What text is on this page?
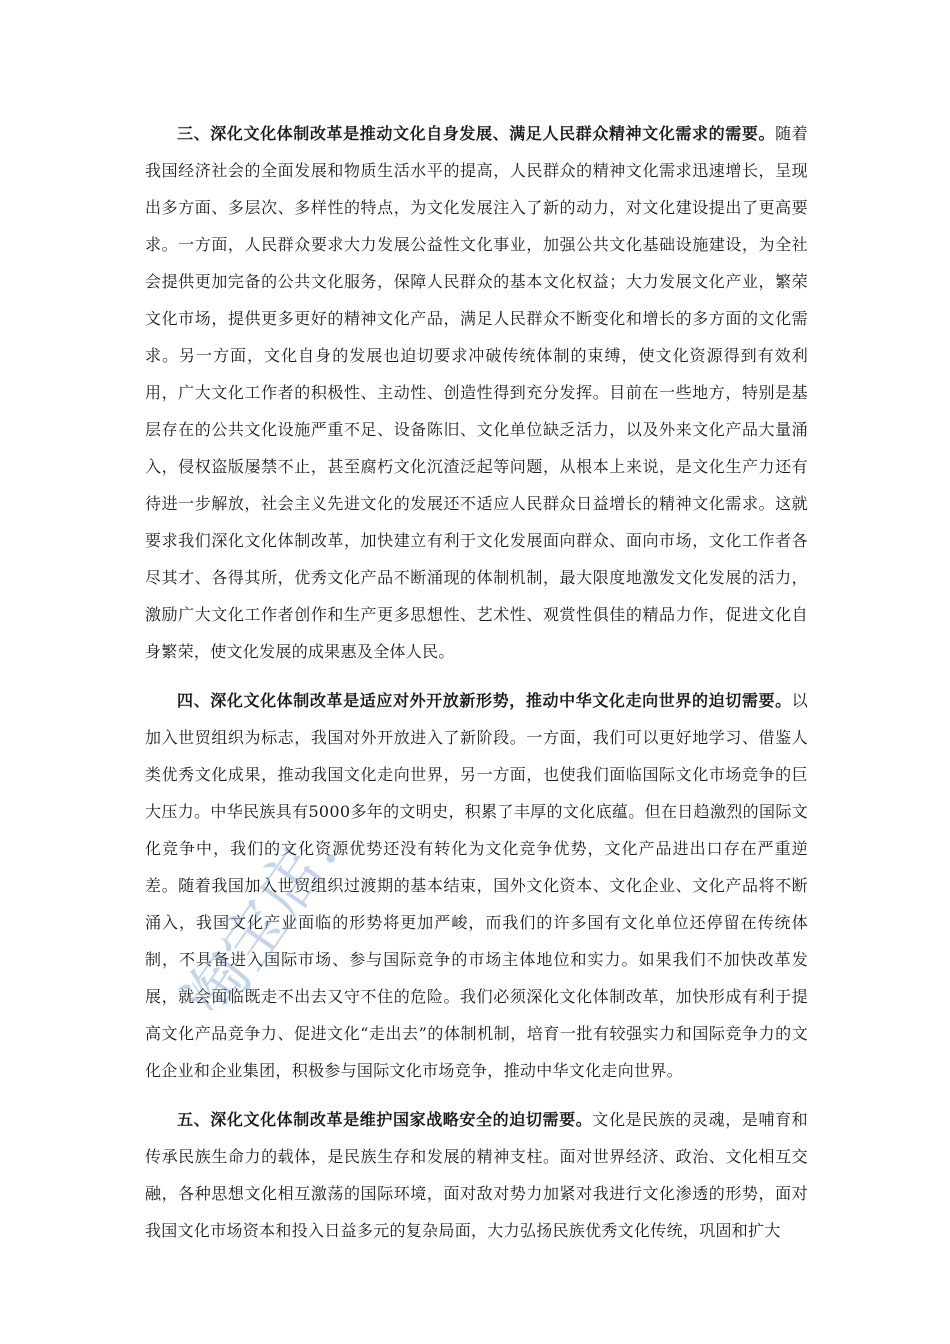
三、深化文化体制改革是推动文化自身发展、满足人民群众精神文化需求的需要。随着我国经济社会的全面发展和物质生活水平的提高，人民群众的精神文化需求迅速增长，呈现出多方面、多层次、多样性的特点，为文化发展注入了新的动力，对文化建设提出了更高要求。一方面，人民群众要求大力发展公益性文化事业，加强公共文化基础设施建设，为全社会提供更加完备的公共文化服务，保障人民群众的基本文化权益；大力发展文化产业，繁荣文化市场，提供更多更好的精神文化产品，满足人民群众不断变化和增长的多方面的文化需求。另一方面，文化自身的发展也迫切要求冲破传统体制的束缚，使文化资源得到有效利用，广大文化工作者的积极性、主动性、创造性得到充分发挥。目前在一些地方，特别是基层存在的公共文化设施严重不足、设备陈旧、文化单位缺乏活力，以及外来文化产品大量涌入，侵权盗版屡禁不止，甚至腐朽文化沉渣泛起等问题，从根本上来说，是文化生产力还有待进一步解放，社会主义先进文化的发展还不适应人民群众日益增长的精神文化需求。这就要求我们深化文化体制改革，加快建立有利于文化发展面向群众、面向市场，文化工作者各尽其才、各得其所，优秀文化产品不断涌现的体制机制，最大限度地激发文化发展的活力，激励广大文化工作者创作和生产更多思想性、艺术性、观赏性俱佳的精品力作，促进文化自身繁荣，使文化发展的成果惠及全体人民。

四、深化文化体制改革是适应对外开放新形势，推动中华文化走向世界的迫切需要。以加入世贸组织为标志，我国对外开放进入了新阶段。一方面，我们可以更好地学习、借鉴人类优秀文化成果，推动我国文化走向世界，另一方面，也使我们面临国际文化市场竞争的巨大压力。中华民族具有5000多年的文明史，积累了丰厚的文化底蕴。但在日趋激烈的国际文化竞争中，我们的文化资源优势还没有转化为文化竞争优势，文化产品进出口存在严重逆差。随着我国加入世贸组织过渡期的基本结束，国外文化资本、文化企业、文化产品将不断涌入，我国文化产业面临的形势将更加严峻，而我们的许多国有文化单位还停留在传统体制，不具备进入国际市场、参与国际竞争的市场主体地位和实力。如果我们不加快改革发展，就会面临既走不出去又守不住的危险。我们必须深化文化体制改革，加快形成有利于提高文化产品竞争力、促进文化“走出去”的体制机制，培育一批有较强实力和国际竞争力的文化企业和企业集团，积极参与国际文化市场竞争，推动中华文化走向世界。

五、深化文化体制改革是维护国家战略安全的迫切需要。文化是民族的灵魂，是哺育和传承民族生命力的载体，是民族生存和发展的精神支柱。面对世界经济、政治、文化相互交融，各种思想文化相互激荡的国际环境，面对敌对势力加紧对我进行文化渗透的形势，面对我国文化市场资本和投入日益多元的复杂局面，大力弘扬民族优秀文化传统，巩固和扩大

淘宝店.
